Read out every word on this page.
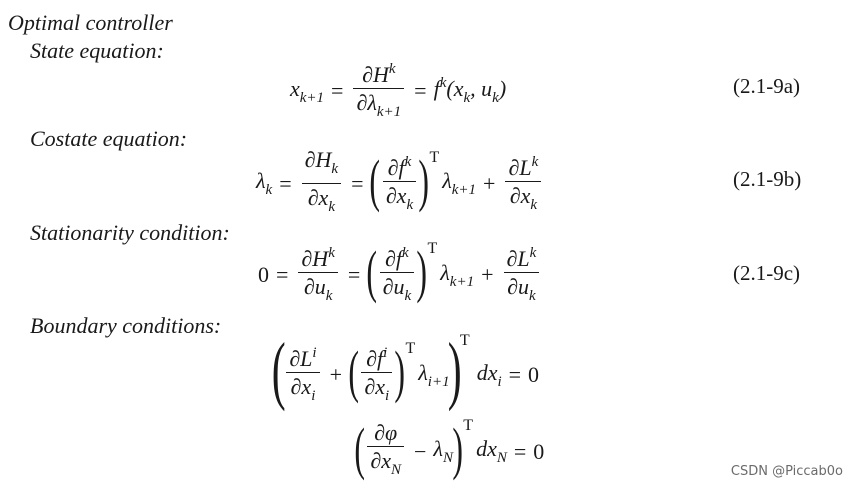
Optimal controller
State equation:
Costate equation:
Stationarity condition:
Boundary conditions:
$x_{k+1} = \frac{\partial H^k}{\partial\lambda_{k+1}} = f^k(x_k$, $u_k$)	(2.1-9a)
$\lambda_k = \frac{\partial H_k}{\partial x_k}$ = ( $\frac{\partial f^k}{\partial x_k}$ ) T
$\lambda_{k+1} + \frac{\partial L^k}{\partial x_k}$	(2.1-9b)
$0 = \frac{\partial H^k}{\partial u_k}$ = ( $\frac{\partial f^k}{\partial u_k}$ ) T
$\lambda_{k+1} + \frac{\partial L^k}{\partial u_k}$	(2.1-9c)
( $\frac{\partial L^i}{\partial x_i}$ + ( $\frac{\partial f^i}{\partial x_i}$ ) T
$\lambda_{i+1}$
)
T
$dx_i = 0$
( $\frac{\partial\varphi}{\partial x_N} - \lambda_N$ ) T
$dx_N = 0$
CSDN @Piccab0o
